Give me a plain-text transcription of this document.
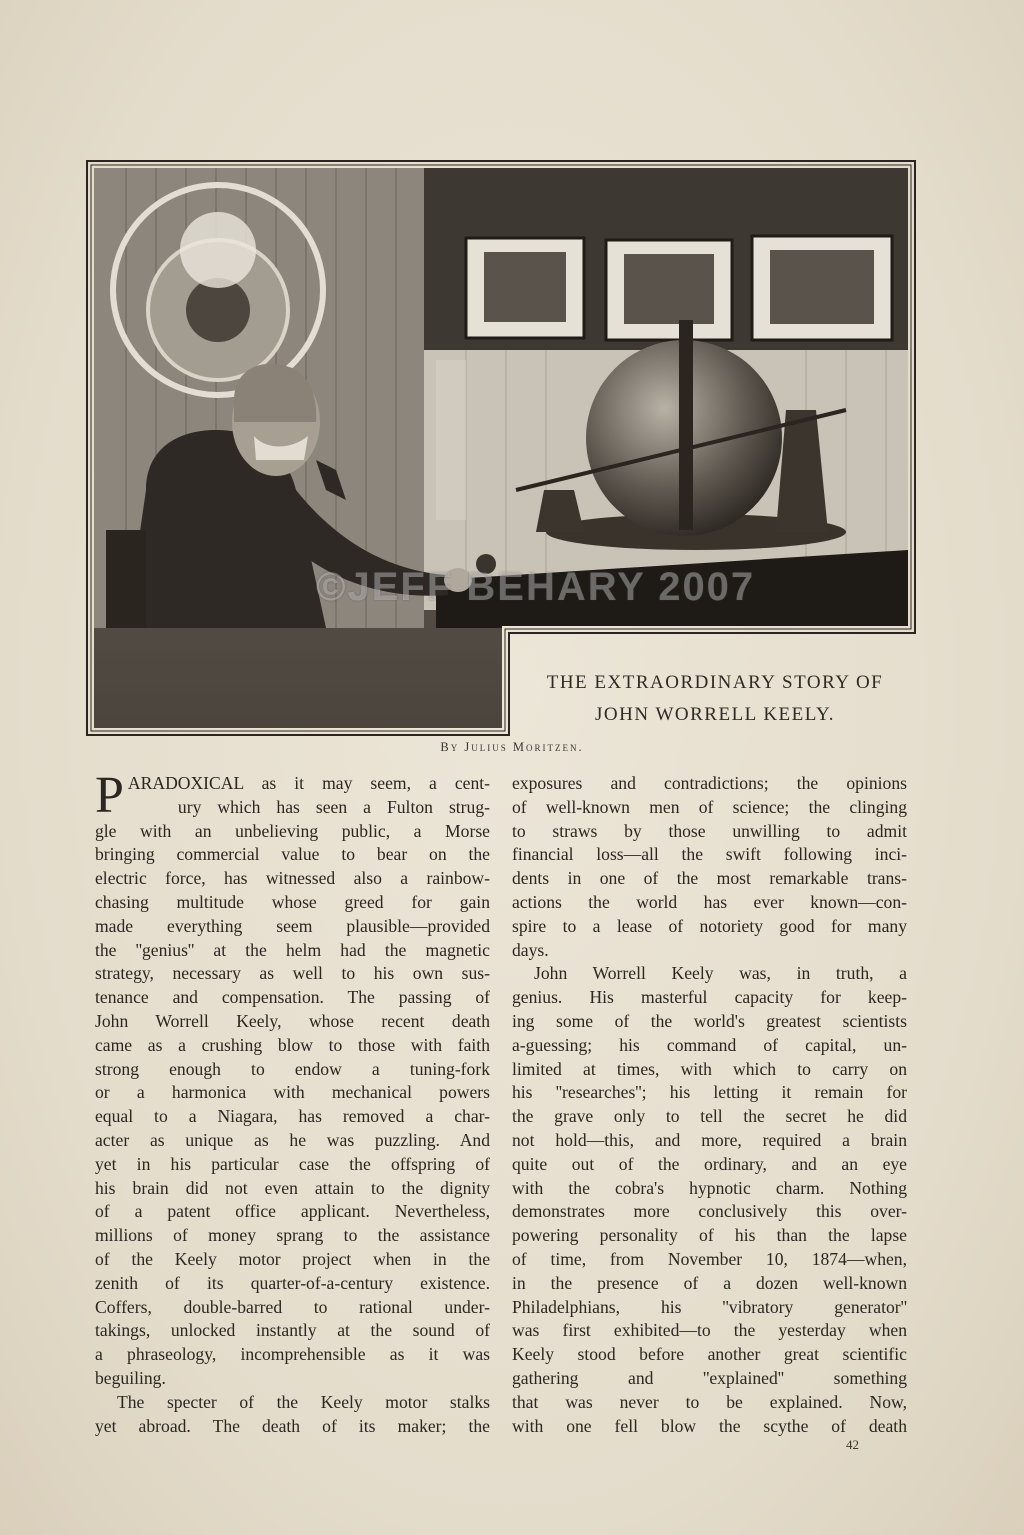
©JEFF BEHARY 2007
THE EXTRAORDINARY STORY OF
JOHN WORRELL KEELY.
By Julius Moritzen.
P ARADOXICAL as it may seem, a cent-
ury which has seen a Fulton strug-
gle with an unbelieving public, a Morse
bringing commercial value to bear on the
electric force, has witnessed also a rainbow-
chasing multitude whose greed for gain
made everything seem plausible—provided
the ''genius'' at the helm had the magnetic
strategy, necessary as well to his own sus-
tenance and compensation. The passing of
John Worrell Keely, whose recent death
came as a crushing blow to those with faith
strong enough to endow a tuning-fork
or a harmonica with mechanical powers
equal to a Niagara, has removed a char-
acter as unique as he was puzzling. And
yet in his particular case the offspring of
his brain did not even attain to the dignity
of a patent office applicant. Nevertheless,
millions of money sprang to the assistance
of the Keely motor project when in the
zenith of its quarter-of-a-century existence.
Coffers, double-barred to rational under-
takings, unlocked instantly at the sound of
a phraseology, incomprehensible as it was
beguiling.
The specter of the Keely motor stalks
yet abroad. The death of its maker; the
exposures and contradictions; the opinions
of well-known men of science; the clinging
to straws by those unwilling to admit
financial loss—all the swift following inci-
dents in one of the most remarkable trans-
actions the world has ever known—con-
spire to a lease of notoriety good for many
days.
John Worrell Keely was, in truth, a
genius. His masterful capacity for keep-
ing some of the world's greatest scientists
a-guessing; his command of capital, un-
limited at times, with which to carry on
his ''researches''; his letting it remain for
the grave only to tell the secret he did
not hold—this, and more, required a brain
quite out of the ordinary, and an eye
with the cobra's hypnotic charm. Nothing
demonstrates more conclusively this over-
powering personality of his than the lapse
of time, from November 10, 1874—when,
in the presence of a dozen well-known
Philadelphians, his ''vibratory generator''
was first exhibited—to the yesterday when
Keely stood before another great scientific
gathering and ''explained'' something
that was never to be explained. Now,
with one fell blow the scythe of death
42
